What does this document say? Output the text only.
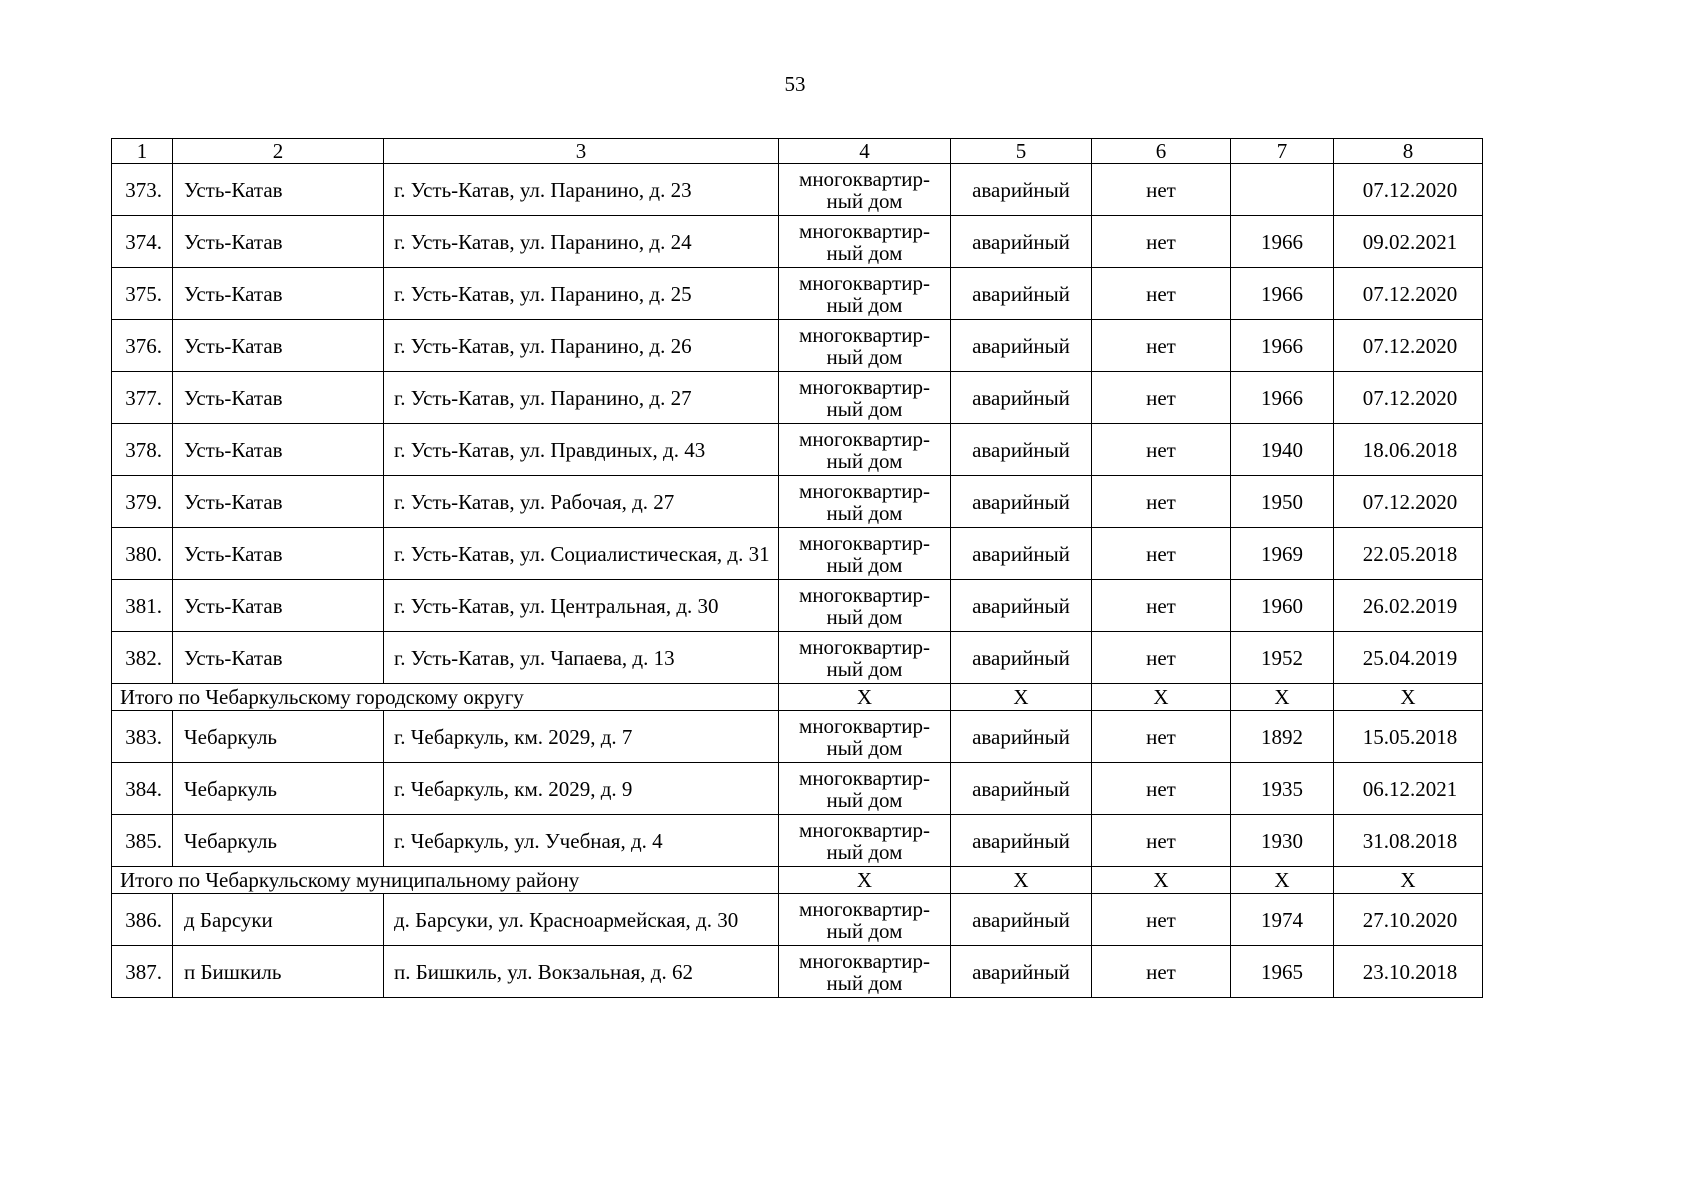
53
1	2	3	4	5	6	7	8
373.	Усть-Катав	г. Усть-Катав, ул. Паранино, д. 23	многоквартир-
ный дом	аварийный	нет		07.12.2020
374.	Усть-Катав	г. Усть-Катав, ул. Паранино, д. 24	многоквартир-
ный дом	аварийный	нет	1966	09.02.2021
375.	Усть-Катав	г. Усть-Катав, ул. Паранино, д. 25	многоквартир-
ный дом	аварийный	нет	1966	07.12.2020
376.	Усть-Катав	г. Усть-Катав, ул. Паранино, д. 26	многоквартир-
ный дом	аварийный	нет	1966	07.12.2020
377.	Усть-Катав	г. Усть-Катав, ул. Паранино, д. 27	многоквартир-
ный дом	аварийный	нет	1966	07.12.2020
378.	Усть-Катав	г. Усть-Катав, ул. Правдиных, д. 43	многоквартир-
ный дом	аварийный	нет	1940	18.06.2018
379.	Усть-Катав	г. Усть-Катав, ул. Рабочая, д. 27	многоквартир-
ный дом	аварийный	нет	1950	07.12.2020
380.	Усть-Катав	г. Усть-Катав, ул. Социалистическая, д. 31	многоквартир-
ный дом	аварийный	нет	1969	22.05.2018
381.	Усть-Катав	г. Усть-Катав, ул. Центральная, д. 30	многоквартир-
ный дом	аварийный	нет	1960	26.02.2019
382.	Усть-Катав	г. Усть-Катав, ул. Чапаева, д. 13	многоквартир-
ный дом	аварийный	нет	1952	25.04.2019
Итого по Чебаркульскому городскому округу			X	X	X	X	X
383.	Чебаркуль	г. Чебаркуль, км. 2029, д. 7	многоквартир-
ный дом	аварийный	нет	1892	15.05.2018
384.	Чебаркуль	г. Чебаркуль, км. 2029, д. 9	многоквартир-
ный дом	аварийный	нет	1935	06.12.2021
385.	Чебаркуль	г. Чебаркуль, ул. Учебная, д. 4	многоквартир-
ный дом	аварийный	нет	1930	31.08.2018
Итого по Чебаркульскому муниципальному району			X	X	X	X	X
386.	д Барсуки	д. Барсуки, ул. Красноармейская, д. 30	многоквартир-
ный дом	аварийный	нет	1974	27.10.2020
387.	п Бишкиль	п. Бишкиль, ул. Вокзальная, д. 62	многоквартир-
ный дом	аварийный	нет	1965	23.10.2018
